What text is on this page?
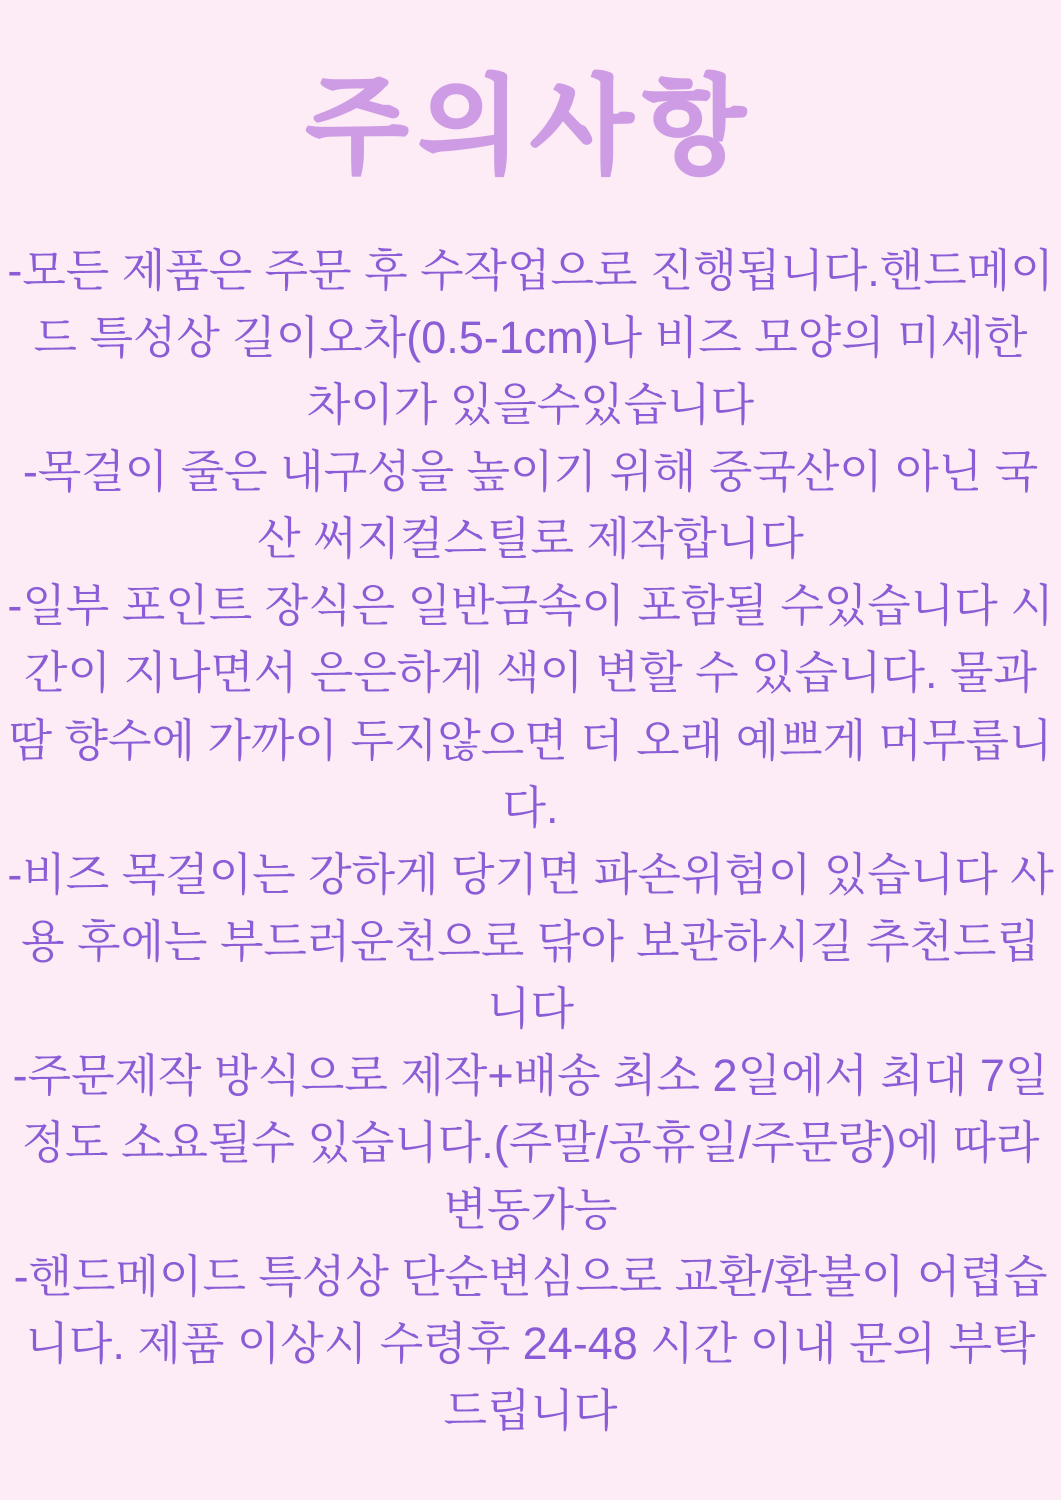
주의사항

-모든 제품은 주문 후 수작업으로 진행됩니다.핸드메이드 특성상 길이오차(0.5-1cm)나 비즈 모양의 미세한 차이가 있을수있습니다

-목걸이 줄은 내구성을 높이기 위해 중국산이 아닌 국산 써지컬스틸로 제작합니다

-일부 포인트 장식은 일반금속이 포함될 수있습니다 시간이 지나면서 은은하게 색이 변할 수 있습니다. 물과 땀 향수에 가까이 두지않으면 더 오래 예쁘게 머무릅니다.

-비즈 목걸이는 강하게 당기면 파손위험이 있습니다 사용 후에는 부드러운천으로 닦아 보관하시길 추천드립니다

-주문제작 방식으로 제작+배송 최소 2일에서 최대 7일정도 소요될수 있습니다.(주말/공휴일/주문량)에 따라 변동가능

-핸드메이드 특성상 단순변심으로 교환/환불이 어렵습니다. 제품 이상시 수령후 24-48 시간 이내 문의 부탁드립니다
